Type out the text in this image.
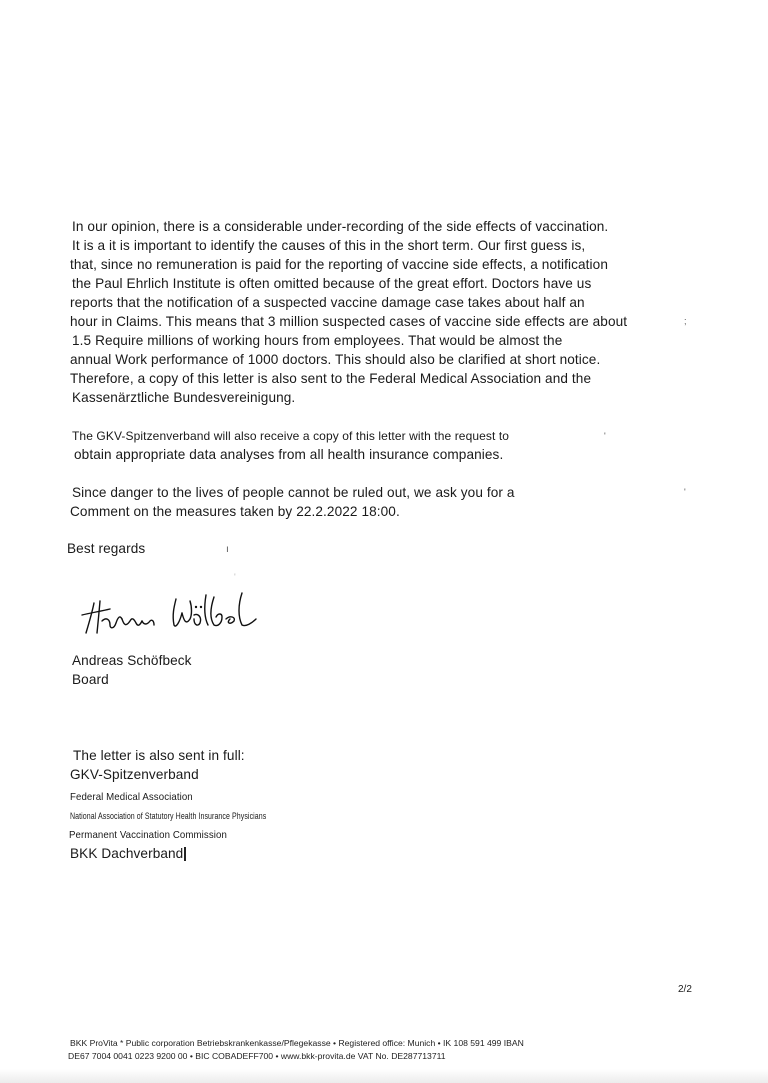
In our opinion, there is a considerable under-recording of the side effects of vaccination.
It is a it is important to identify the causes of this in the short term. Our first guess is,
that, since no remuneration is paid for the reporting of vaccine side effects, a notification
the Paul Ehrlich Institute is often omitted because of the great effort. Doctors have us
reports that the notification of a suspected vaccine damage case takes about half an
hour in Claims. This means that 3 million suspected cases of vaccine side effects are about
1.5 Require millions of working hours from employees. That would be almost the
annual Work performance of 1000 doctors. This should also be clarified at short notice.
Therefore, a copy of this letter is also sent to the Federal Medical Association and the
Kassenärztliche Bundesvereinigung.
;
The GKV-Spitzenverband will also receive a copy of this letter with the request to
obtain appropriate data analyses from all health insurance companies.
'
Since danger to the lives of people cannot be ruled out, we ask you for a
Comment on the measures taken by 22.2.2022 18:00.
'
Best regards	ı
'
Andreas Schöfbeck
Board
The letter is also sent in full:
GKV-Spitzenverband
Federal Medical Association
National Association of Statutory Health Insurance Physicians
Permanent Vaccination Commission
BKK Dachverband
2/2
BKK ProVita * Public corporation Betriebskrankenkasse/Pflegekasse • Registered office: Munich • IK 108 591 499 IBAN
DE67 7004 0041 0223 9200 00 • BIC COBADEFF700 • www.bkk-provita.de VAT No. DE287713711
